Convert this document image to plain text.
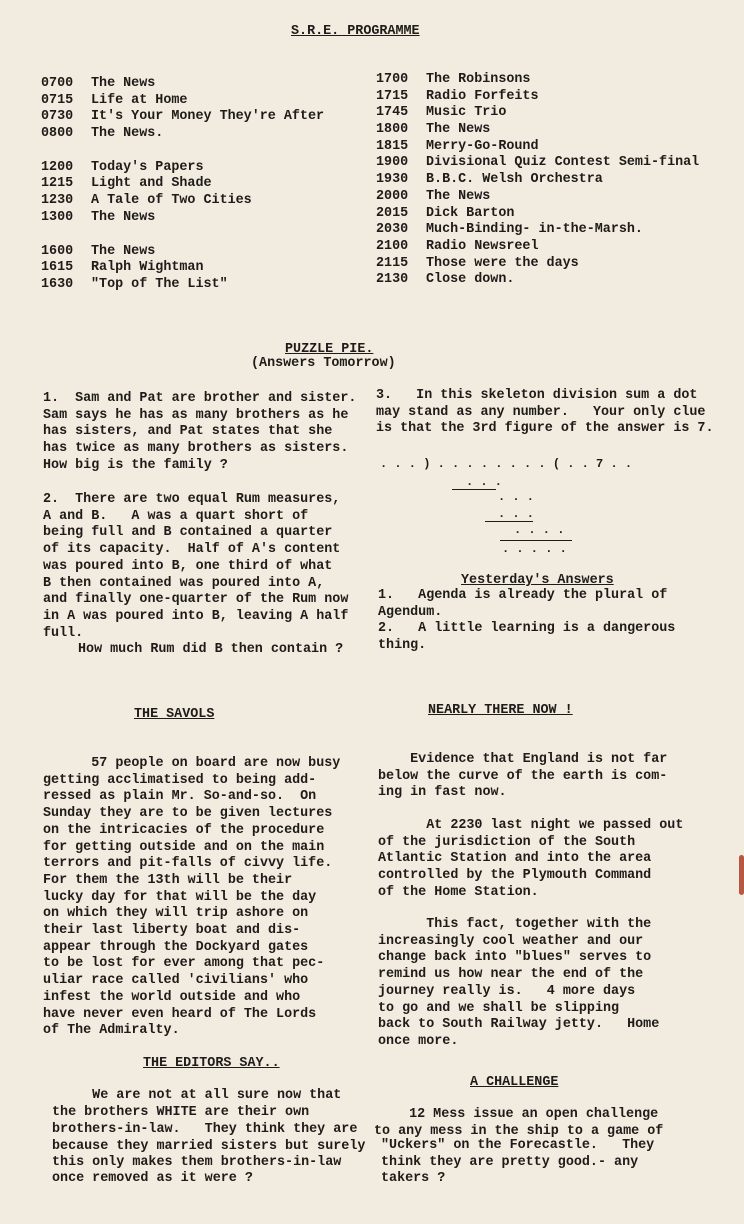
S.R.E. PROGRAMME
0700 The News
0715 Life at Home
0730 It's Your Money They're After
0800 The News.
1200 Today's Papers
1215 Light and Shade
1230 A Tale of Two Cities
1300 The News
1600 The News
1615 Ralph Wightman
1630 "Top of The List"
1700 The Robinsons
1715 Radio Forfeits
1745 Music Trio
1800 The News
1815 Merry-Go-Round
1900 Divisional Quiz Contest Semi-final
1930 B.B.C. Welsh Orchestra
2000 The News
2015 Dick Barton
2030 Much-Binding- in-the-Marsh.
2100 Radio Newsreel
2115 Those were the days
2130 Close down.
PUZZLE PIE.
(Answers Tomorrow)
1.  Sam and Pat are brother and sister.
Sam says he has as many brothers as he
has sisters, and Pat states that she
has twice as many brothers as sisters.
How big is the family ?
2.  There are two equal Rum measures,
A and B.   A was a quart short of
being full and B contained a quarter
of its capacity.  Half of A's content
was poured into B, one third of what
B then contained was poured into A,
and finally one-quarter of the Rum now
in A was poured into B, leaving A half
full.
How much Rum did B then contain ?
3.   In this skeleton division sum a dot
may stand as any number.   Your only clue
is that the 3rd figure of the answer is 7.
. . . ) . . . . . . . . ( . . 7 . .
. . .
. . .
. . .
. . . .
. . . . .
Yesterday's Answers
1.   Agenda is already the plural of
Agendum.
2.   A little learning is a dangerous
thing.
THE SAVOLS
57 people on board are now busy
getting acclimatised to being add-
ressed as plain Mr. So-and-so.  On
Sunday they are to be given lectures
on the intricacies of the procedure
for getting outside and on the main
terrors and pit-falls of civvy life.
For them the 13th will be their
lucky day for that will be the day
on which they will trip ashore on
their last liberty boat and dis-
appear through the Dockyard gates
to be lost for ever among that pec-
uliar race called 'civilians' who
infest the world outside and who
have never even heard of The Lords
of The Admiralty.
NEARLY THERE NOW !
Evidence that England is not far
below the curve of the earth is com-
ing in fast now.
At 2230 last night we passed out
of the jurisdiction of the South
Atlantic Station and into the area
controlled by the Plymouth Command
of the Home Station.
This fact, together with the
increasingly cool weather and our
change back into "blues" serves to
remind us how near the end of the
journey really is.   4 more days
to go and we shall be slipping
back to South Railway jetty.   Home
once more.
THE EDITORS SAY..
We are not at all sure now that
the brothers WHITE are their own
brothers-in-law.   They think they are
because they married sisters but surely
this only makes them brothers-in-law
once removed as it were ?
A CHALLENGE
12 Mess issue an open challenge
to any mess in the ship to a game of
"Uckers" on the Forecastle.   They
think they are pretty good.- any
takers ?
